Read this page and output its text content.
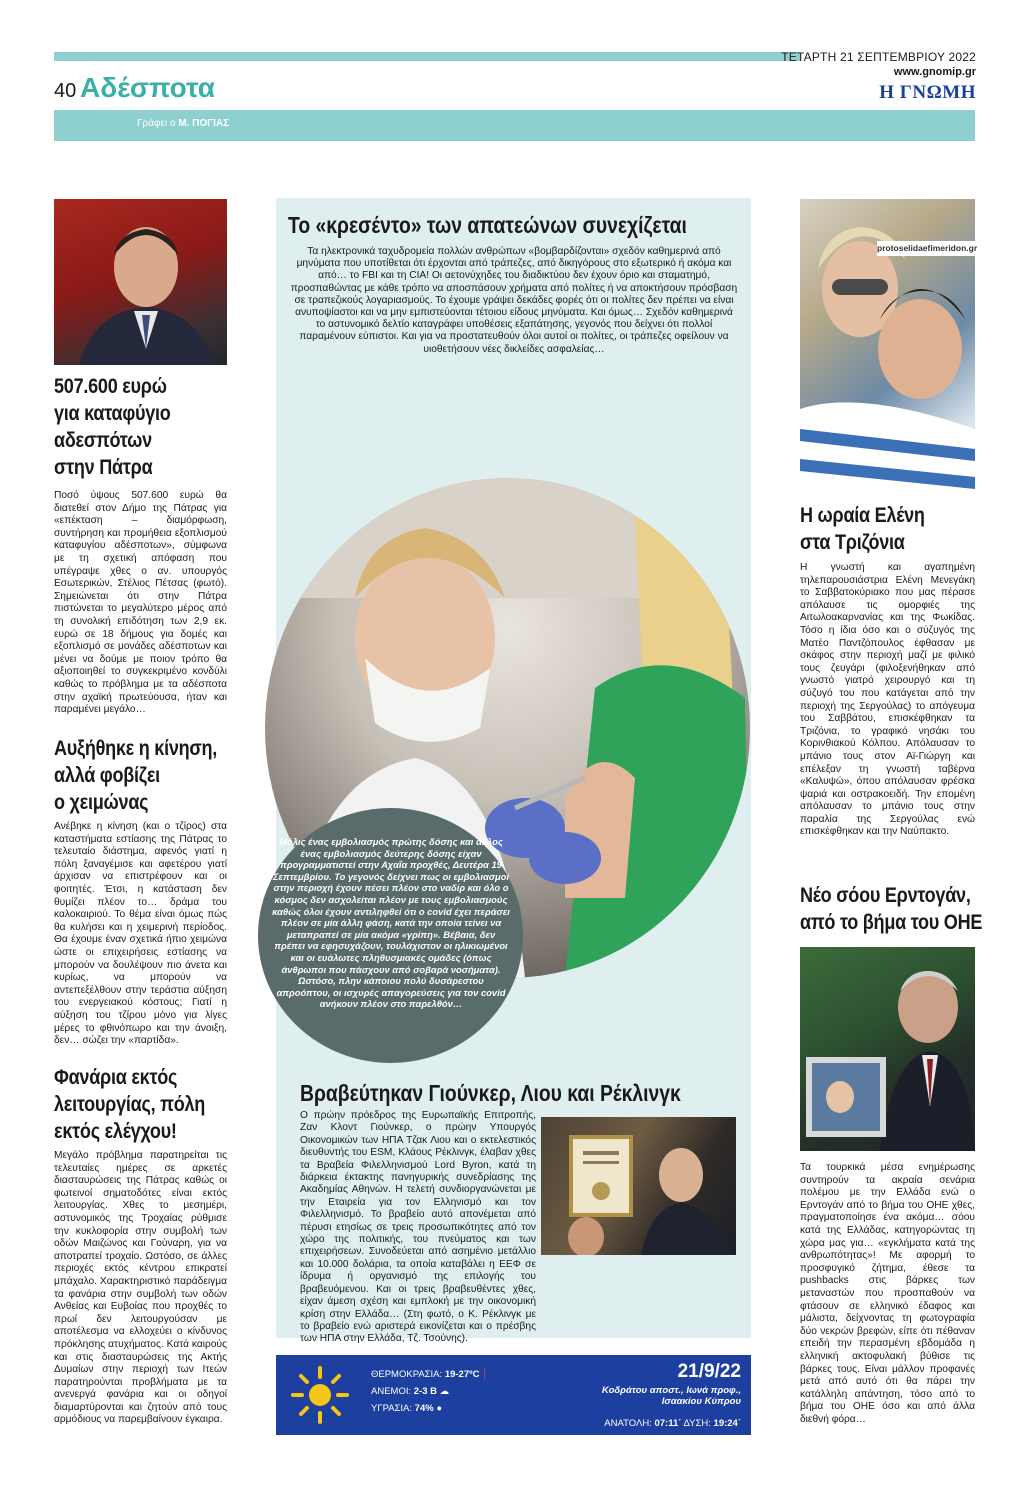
ΤΕΤΑΡΤΗ 21 ΣΕΠΤΕΜΒΡΙΟΥ 2022
www.gnomip.gr
Η ΓΝΩΜΗ
40 Αδέσποτα
Γράφει ο Μ. ΠΟΓΙΑΣ
507.600 ευρώ
για καταφύγιο
αδεσπότων
στην Πάτρα
Ποσό ύψους 507.600 ευρώ θα διατεθεί στον Δήμο της Πάτρας για «επέκταση – διαμόρφωση, συντήρηση και προμήθεια εξοπλισμού καταφυγίου αδέσποτων», σύμφωνα με τη σχετική απόφαση που υπέγραψε χθες ο αν. υπουργός Εσωτερικών, Στέλιος Πέτσας (φωτό). Σημειώνεται ότι στην Πάτρα πιστώνεται το μεγαλύτερο μέρος από τη συνολική επιδότηση των 2,9 εκ. ευρώ σε 18 δήμους για δομές και εξοπλισμό σε μονάδες αδέσποτων και μένει να δούμε με ποιον τρόπο θα αξιοποιηθεί το συγκεκριμένο κονδύλι καθώς το πρόβλημα με τα αδέσποτα στην αχαϊκή πρωτεύουσα, ήταν και παραμένει μεγάλο…
Αυξήθηκε η κίνηση,
αλλά φοβίζει
ο χειμώνας
Ανέβηκε η κίνηση (και ο τζίρος) στα καταστήματα εστίασης της Πάτρας το τελευταίο διάστημα, αφενός γιατί η πόλη ξαναγέμισε και αφετέρου γιατί άρχισαν να επιστρέφουν και οι φοιτητές. Έτσι, η κατάσταση δεν θυμίζει πλέον το… δράμα του καλοκαιριού. Το θέμα είναι όμως πώς θα κυλήσει και η χειμερινή περίοδος. Θα έχουμε έναν σχετικά ήπιο χειμώνα ώστε οι επιχειρήσεις εστίασης να μπορούν να δουλέψουν πιο άνετα και κυρίως, να μπορούν να αντεπεξέλθουν στην τεράστια αύξηση του ενεργειακού κόστους; Γιατί η αύξηση του τζίρου μόνο για λίγες μέρες το φθινόπωρο και την άνοιξη, δεν… σώζει την «παρτίδα».
Φανάρια εκτός
λειτουργίας, πόλη
εκτός ελέγχου!
Μεγάλο πρόβλημα παρατηρείται τις τελευταίες ημέρες σε αρκετές διασταυρώσεις της Πάτρας καθώς οι φωτεινοί σηματοδότες είναι εκτός λειτουργίας. Χθες το μεσημέρι, αστυνομικός της Τροχαίας ρύθμισε την κυκλοφορία στην συμβολή των οδών Μαιζώνος και Γούναρη, για να αποτραπεί τροχαίο. Ωστόσο, σε άλλες περιοχές εκτός κέντρου επικρατεί μπάχαλο. Χαρακτηριστικό παράδειγμα τα φανάρια στην συμβολή των οδών Ανθείας και Ευβοίας που προχθές το πρωί δεν λειτουργούσαν με αποτέλεσμα να ελλοχεύει ο κίνδυνος πρόκλησης ατυχήματος. Κατά καιρούς και στις διασταυρώσεις της Ακτής Δυμαίων στην περιοχή των Ιτεών παρατηρούνται προβλήματα με τα ανενεργά φανάρια και οι οδηγοί διαμαρτύρονται και ζητούν από τους αρμόδιους να παρεμβαίνουν έγκαιρα.
Το «κρεσέντο» των απατεώνων συνεχίζεται
Τα ηλεκτρονικά ταχυδρομεία πολλών ανθρώπων «βομβαρδίζονται» σχεδόν καθημερινά από μηνύματα που υποτίθεται ότι έρχονται από τράπεζες, από δικηγόρους στο εξωτερικό ή ακόμα και από… το FBI και τη CIA! Οι αετονύχηδες του διαδικτύου δεν έχουν όριο και σταματημό, προσπαθώντας με κάθε τρόπο να αποσπάσουν χρήματα από πολίτες ή να αποκτήσουν πρόσβαση σε τραπεζικούς λογαριασμούς. Το έχουμε γράψει δεκάδες φορές ότι οι πολίτες δεν πρέπει να είναι ανυποψίαστοι και να μην εμπιστεύονται τέτοιου είδους μηνύματα. Και όμως… Σχεδόν καθημερινά το αστυνομικό δελτίο καταγράφει υποθέσεις εξαπάτησης, γεγονός που δείχνει ότι πολλοί παραμένουν εύπιστοι. Και για να προστατευθούν όλοι αυτοί οι πολίτες, οι τράπεζες οφείλουν να υιοθετήσουν νέες δικλείδες ασφαλείας…
Μόλις ένας εμβολιασμός πρώτης δόσης και άλλος ένας εμβολιασμός δεύτερης δόσης είχαν προγραμματιστεί στην Αχαΐα προχθές, Δευτέρα 19 Σεπτεμβρίου. Το γεγονός δείχνει πως οι εμβολιασμοί στην περιοχή έχουν πέσει πλέον στο ναδίρ και όλο ο κόσμος δεν ασχολείται πλέον με τους εμβολιασμούς καθώς όλοι έχουν αντιληφθεί ότι ο covid έχει περάσει πλέον σε μία άλλη φάση, κατά την οποία τείνει να μεταπραπεί σε μία ακόμα «γρίπη». Βέβαια, δεν πρέπει να εφησυχάζουν, τουλάχιστον οι ηλικιωμένοι και οι ευάλωτες πληθυσμιακές ομάδες (όπως άνθρωποι που πάσχουν από σοβαρά νοσήματα). Ωστόσο, πλην κάποιου πολύ δυσάρεστου απροόπτου, οι ισχυρές απαγορεύσεις για τον covid ανήκουν πλέον στο παρελθόν…
Βραβεύτηκαν Γιούνκερ, Λιου και Ρέκλινγκ
Ο πρώην πρόεδρος της Ευρωπαϊκής Επιτροπής, Ζαν Κλοντ Γιούνκερ, ο πρώην Υπουργός Οικονομικών των ΗΠΑ Τζακ Λιου και ο εκτελεστικός διευθυντής του ESM, Κλάους Ρέκλινγκ, έλαβαν χθες τα Βραβεία Φιλελληνισμού Lord Byron, κατά τη διάρκεια έκτακτης πανηγυρικής συνεδρίασης της Ακαδημίας Αθηνών. Η τελετή συνδιοργανώνεται με την Εταιρεία για τον Ελληνισμό και τον Φιλελληνισμό. Το βραβείο αυτό απονέμεται από πέρυσι ετησίως σε τρεις προσωπικότητες από τον χώρο της πολιτικής, του πνεύματος και των επιχειρήσεων. Συνοδεύεται από ασημένιο μετάλλιο και 10.000 δολάρια, τα οποία καταβάλει η ΕΕΦ σε ίδρυμα ή οργανισμό της επιλογής του βραβευόμενου. Και οι τρεις βραβευθέντες χθες, είχαν άμεση σχέση και εμπλοκή με την οικονομική κρίση στην Ελλάδα… (Στη φωτό, ο Κ. Ρέκλινγκ με το βραβείο ενώ αριστερά εικονίζεται και ο πρέσβης των ΗΠΑ στην Ελλάδα, Τζ. Τσούνης).
ΘΕΡΜΟΚΡΑΣΙΑ: 19-27ºC │
ΑΝΕΜΟΙ: 2-3 Β ☁
ΥΓΡΑΣΙΑ: 74% ●
21/9/22
Κοδράτου αποστ., Ιωνά προφ.,
Ισαακίου Κύπρου
ΑΝΑΤΟΛΗ: 07:11΄ ΔΥΣΗ: 19:24΄
protoselidaefimeridon.gr
Η ωραία Ελένη
στα Τριζόνια
Η γνωστή και αγαπημένη τηλεπαρουσιάστρια Ελένη Μενεγάκη το Σαββατοκύριακο που μας πέρασε απόλαυσε τις ομορφιές της Αιτωλοακαρνανίας και της Φωκίδας. Τόσο η ίδια όσο και ο σύζυγός της Ματέο Παντζόπουλος έφθασαν με σκάφος στην περιοχή μαζί με φιλικό τους ζευγάρι (φιλοξενήθηκαν από γνωστό γιατρό χειρουργό και τη σύζυγό του που κατάγεται από την περιοχή της Σεργούλας) το απόγευμα του Σαββάτου, επισκέφθηκαν τα Τριζόνια, το γραφικό νησάκι του Κορινθιακού Κόλπου. Απόλαυσαν το μπάνιο τους στον Αϊ-Γιώργη και επέλεξαν τη γνωστή ταβέρνα «Καλυψώ», όπου απόλαυσαν φρέσκα ψαριά και οστρακοειδή. Την επομένη απόλαυσαν το μπάνιο τους στην παραλία της Σεργούλας ενώ επισκέφθηκαν και την Ναύπακτο.
Νέο σόου Ερντογάν,
από το βήμα του ΟΗΕ
Τα τουρκικά μέσα ενημέρωσης συντηρούν τα ακραία σενάρια πολέμου με την Ελλάδα ενώ ο Ερντογάν από το βήμα του ΟΗΕ χθες, πραγματοποίησε ένα ακόμα… σόου κατά της Ελλάδας, κατηγορώντας τη χώρα μας για… «εγκλήματα κατά της ανθρωπότητας»! Με αφορμή το προσφυγικό ζήτημα, έθεσε τα pushbacks στις βάρκες των μεταναστών που προσπαθούν να φτάσουν σε ελληνικό έδαφος και μάλιστα, δείχνοντας τη φωτογραφία δύο νεκρών βρεφών, είπε ότι πέθαναν επειδή την περασμένη εβδομάδα η ελληνική ακτοφυλακή βύθισε τις βάρκες τους. Είναι μάλλον προφανές μετά από αυτό ότι θα πάρει την κατάλληλη απάντηση, τόσο από το βήμα του ΟΗΕ όσο και από άλλα διεθνή φόρα…
